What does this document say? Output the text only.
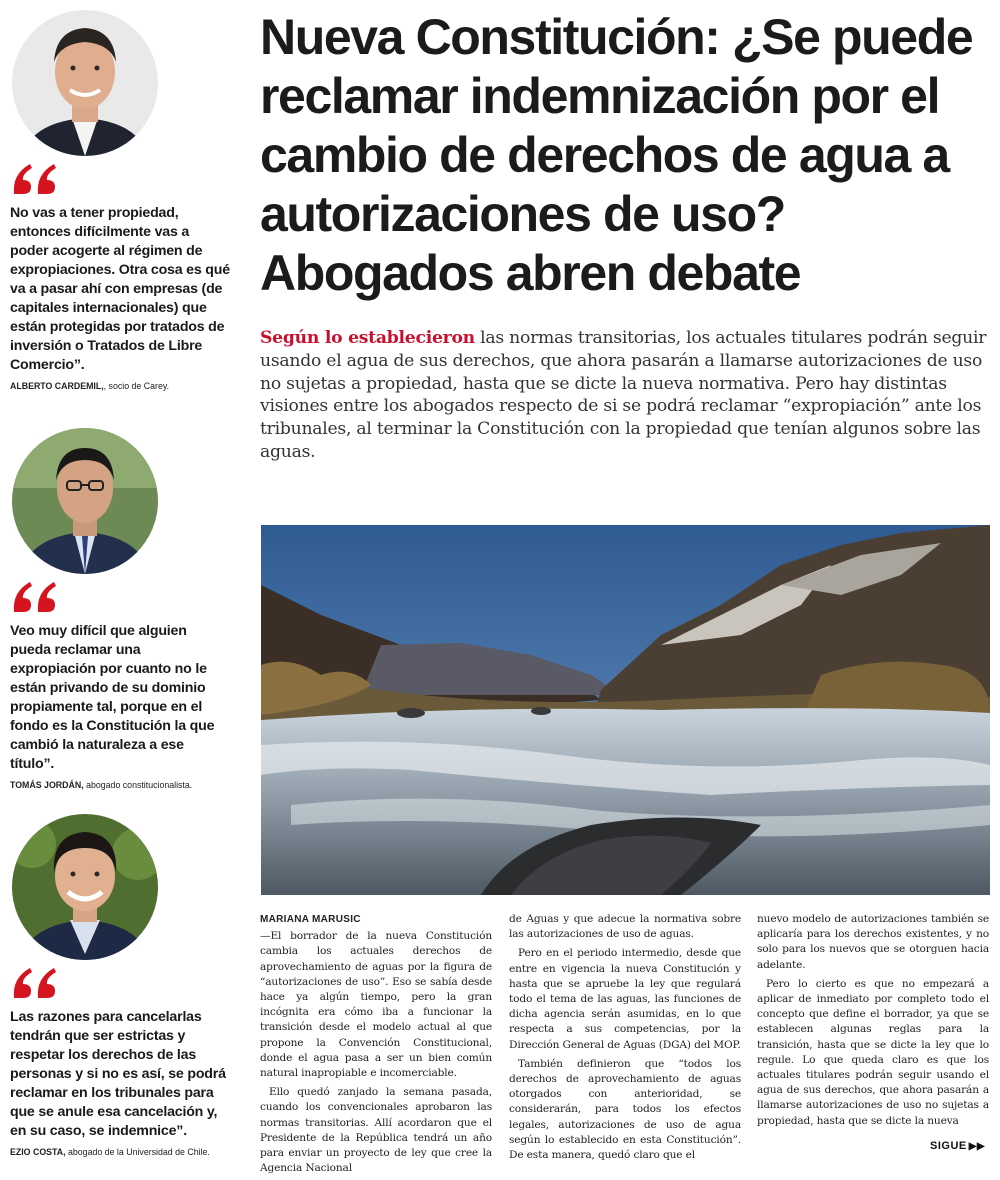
No vas a tener propiedad, entonces difícilmente vas a poder acogerte al régimen de expropiaciones. Otra cosa es qué va a pasar ahí con empresas (de capitales internacionales) que están protegidas por tratados de inversión o Tratados de Libre Comercio”.

ALBERTO CARDEMIL,, socio de Carey.

Veo muy difícil que alguien pueda reclamar una expropiación por cuanto no le están privando de su dominio propiamente tal, porque en el fondo es la Constitución la que cambió la naturaleza a ese título”.

TOMÁS JORDÁN, abogado constitucionalista.

Las razones para cancelarlas tendrán que ser estrictas y respetar los derechos de las personas y si no es así, se podrá reclamar en los tribunales para que se anule esa cancelación y, en su caso, se indemnice”.

EZIO COSTA, abogado de la Universidad de Chile.
Nueva Constitución: ¿Se puede reclamar indemnización por el cambio de derechos de agua a autorizaciones de uso? Abogados abren debate

Según lo establecieron las normas transitorias, los actuales titulares podrán seguir usando el agua de sus derechos, que ahora pasarán a llamarse autorizaciones de uso no sujetas a propiedad, hasta que se dicte la nueva normativa. Pero hay distintas visiones entre los abogados respecto de si se podrá reclamar “expropiación” ante los tribunales, al terminar la Constitución con la propiedad que tenían algunos sobre las aguas.

MARIANA MARUSIC

—El borrador de la nueva Constitución cambia los actuales derechos de aprovechamiento de aguas por la figura de “autorizaciones de uso”. Eso se sabía desde hace ya algún tiempo, pero la gran incógnita era cómo iba a funcionar la transición desde el modelo actual al que propone la Convención Constitucional, donde el agua pasa a ser un bien común natural inapropiable e incomerciable.

Ello quedó zanjado la semana pasada, cuando los convencionales aprobaron las normas transitorias. Allí acordaron que el Presidente de la República tendrá un año para enviar un proyecto de ley que cree la Agencia Nacional

de Aguas y que adecue la normativa sobre las autorizaciones de uso de aguas.

Pero en el periodo intermedio, desde que entre en vigencia la nueva Constitución y hasta que se apruebe la ley que regulará todo el tema de las aguas, las funciones de dicha agencia serán asumidas, en lo que respecta a sus competencias, por la Dirección General de Aguas (DGA) del MOP.

También definieron que “todos los derechos de aprovechamiento de aguas otorgados con anterioridad, se considerarán, para todos los efectos legales, autorizaciones de uso de agua según lo establecido en esta Constitución”. De esta manera, quedó claro que el

nuevo modelo de autorizaciones también se aplicaría para los derechos existentes, y no solo para los nuevos que se otorguen hacia adelante.

Pero lo cierto es que no empezará a aplicar de inmediato por completo todo el concepto que define el borrador, ya que se establecen algunas reglas para la transición, hasta que se dicte la ley que lo regule. Lo que queda claro es que los actuales titulares podrán seguir usando el agua de sus derechos, que ahora pasarán a llamarse autorizaciones de uso no sujetas a propiedad, hasta que se dicte la nueva

SIGUE ▶▶
